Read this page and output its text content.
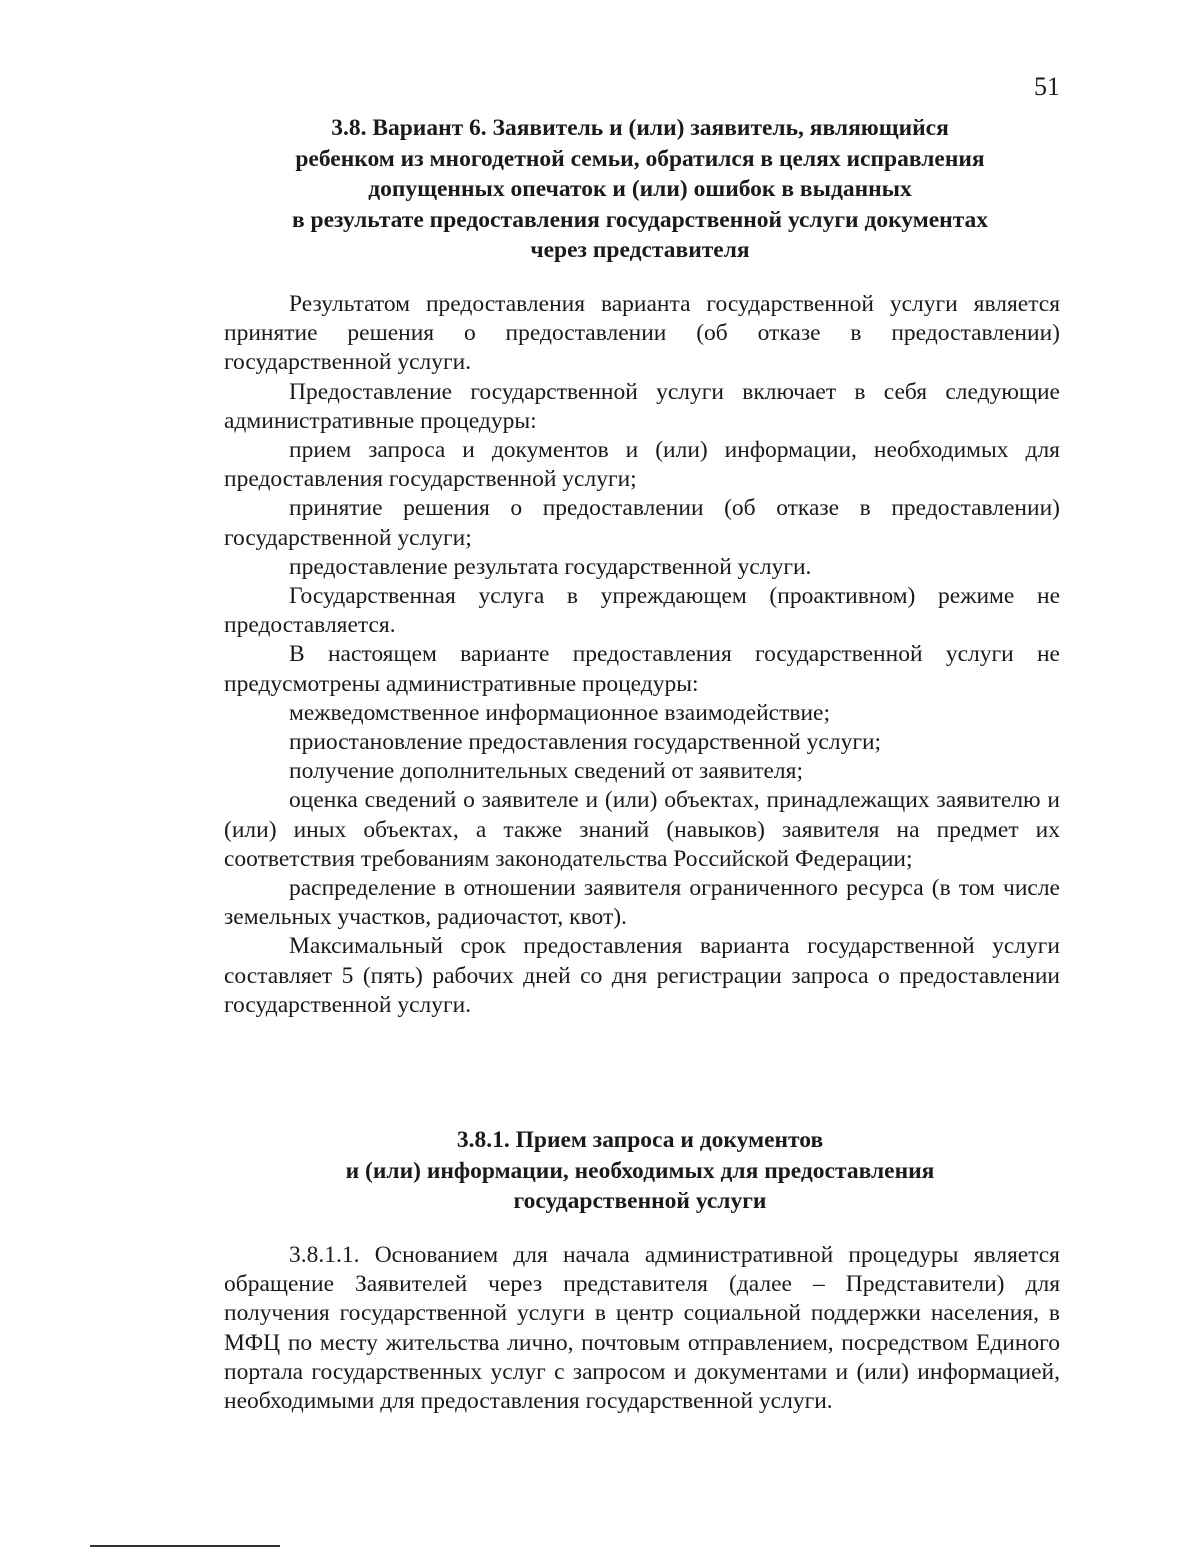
51
3.8. Вариант 6. Заявитель и (или) заявитель, являющийся
ребенком из многодетной семьи, обратился в целях исправления
допущенных опечаток и (или) ошибок в выданных
в результате предоставления государственной услуги документах
через представителя

Результатом предоставления варианта государственной услуги является принятие решения о предоставлении (об отказе в предоставлении) государственной услуги.

Предоставление государственной услуги включает в себя следующие административные процедуры:

прием запроса и документов и (или) информации, необходимых для предоставления государственной услуги;

принятие решения о предоставлении (об отказе в предоставлении) государственной услуги;

предоставление результата государственной услуги.

Государственная услуга в упреждающем (проактивном) режиме не предоставляется.

В настоящем варианте предоставления государственной услуги не предусмотрены административные процедуры:

межведомственное информационное взаимодействие;

приостановление предоставления государственной услуги;

получение дополнительных сведений от заявителя;

оценка сведений о заявителе и (или) объектах, принадлежащих заявителю и (или) иных объектах, а также знаний (навыков) заявителя на предмет их соответствия требованиям законодательства Российской Федерации;

распределение в отношении заявителя ограниченного ресурса (в том числе земельных участков, радиочастот, квот).

Максимальный срок предоставления варианта государственной услуги составляет 5 (пять) рабочих дней со дня регистрации запроса о предоставлении государственной услуги.

3.8.1. Прием запроса и документов
и (или) информации, необходимых для предоставления
государственной услуги

3.8.1.1. Основанием для начала административной процедуры является обращение Заявителей через представителя (далее – Представители) для получения государственной услуги в центр социальной поддержки населения, в МФЦ по месту жительства лично, почтовым отправлением, посредством Единого портала государственных услуг с запросом и документами и (или) информацией, необходимыми для предоставления государственной услуги.
